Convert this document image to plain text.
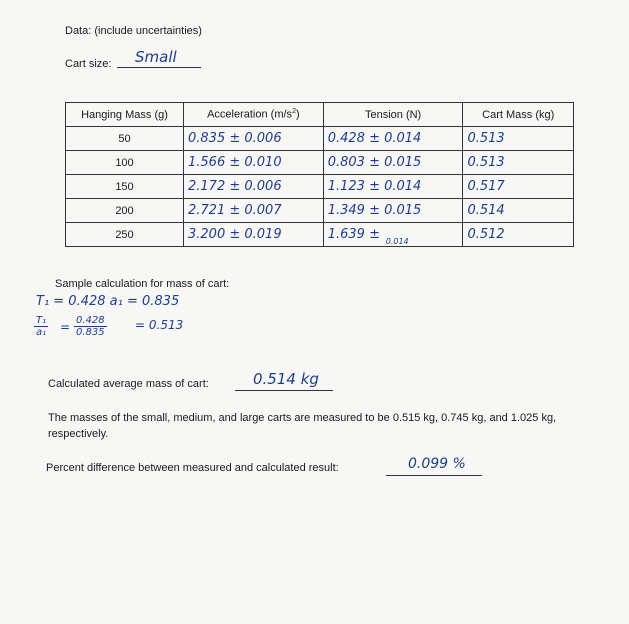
Data: (include uncertainties)
Cart size: Small
Hanging Mass (g)	Acceleration $(m/s^2)$	Tension (N)	Cart Mass (kg)
50	0.835 ± 0.006	0.428 ± 0.014	0.513
100	1.566 ± 0.010	0.803 ± 0.015	0.513
150	2.172 ± 0.006	1.123 ± 0.014	0.517
200	2.721 ± 0.007	1.349 ± 0.015	0.514
250	3.200 ± 0.019	1.639 ± 0.014	0.512
Sample calculation for mass of cart:
T₁ = 0.428 a₁ = 0.835
$\frac{\text{T₁}}{\text{a₁}} = \frac{0.428}{0.835} = 0.513$
Calculated average mass of cart:	0.514 kg
The masses of the small, medium, and large carts are measured to be 0.515 kg, 0.745 kg, and 1.025 kg, respectively.
Percent difference between measured and calculated result:	0.099 %
